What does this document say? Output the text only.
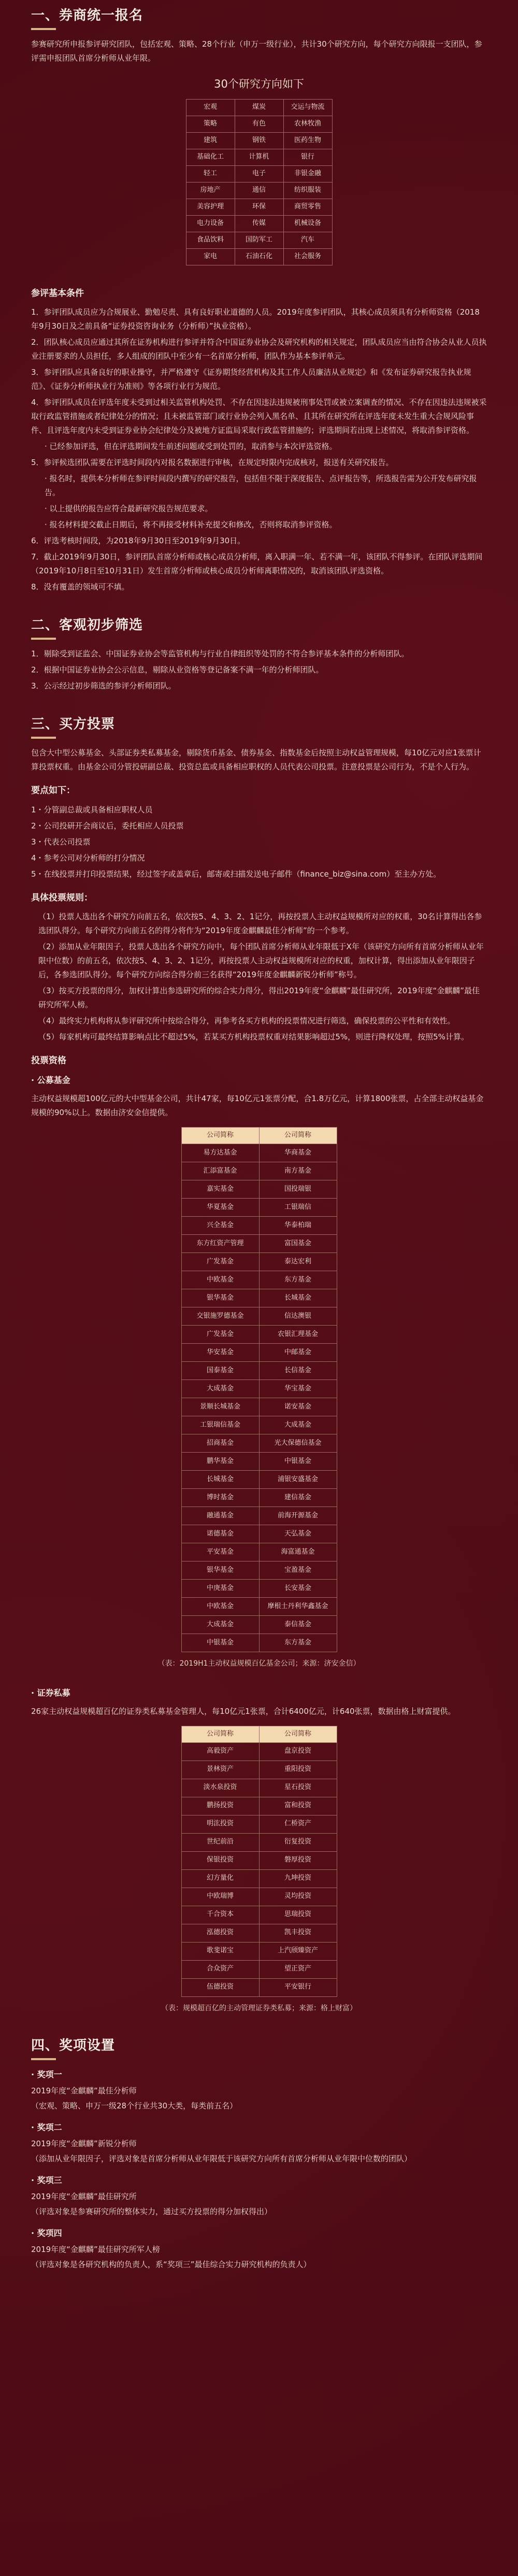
一、券商统一报名
参赛研究所申报参评研究团队，包括宏观、策略、28个行业（申万一级行业），共计30个研究方向，每个研究方向限报一支团队，参评需申报团队首席分析师从业年限。
30个研究方向如下
宏观	煤炭	交运与物流
策略	有色	农林牧渔
建筑	钢铁	医药生物
基础化工	计算机	银行
轻工	电子	非银金融
房地产	通信	纺织服装
美容护理	环保	商贸零售
电力设备	传媒	机械设备
食品饮料	国防军工	汽车
家电	石油石化	社会服务
参评基本条件
1．参评团队成员应为合规展业、勤勉尽责、具有良好职业道德的人员。2019年度参评团队，其核心成员须具有分析师资格（2018年9月30日及之前具备“证券投资咨询业务（分析师）”执业资格）。
2．团队核心成员应通过其所在证券机构进行参评并符合中国证券业协会及研究机构的相关规定，团队成员应当由符合协会从业人员执业注册要求的人员担任，多人组成的团队中至少有一名首席分析师，团队作为基本参评单元。
3．参评团队应具备良好的职业操守，并严格遵守《证券期货经营机构及其工作人员廉洁从业规定》和《发布证券研究报告执业规范》、《证券分析师执业行为准则》等各项行业行为规范。
4．参评团队成员在评选年度未受到过相关监管机构处罚、不存在因违法违规被刑事处罚或被立案调查的情况、不存在因违法违规被采取行政监管措施或者纪律处分的情况；且未被监管部门或行业协会列入黑名单、且其所在研究所在评选年度未发生重大合规风险事件、且评选年度内未受到证券业协会纪律处分及被地方证监局采取行政监管措施的；评选期间若出现上述情况，将取消参评资格。
· 已经参加评选，但在评选期间发生前述问题或受到处罚的，取消参与本次评选资格。
5．参评候选团队需要在评选时间段内对报名数据进行审核，在规定时限内完成核对，报送有关研究报告。
· 报名时，提供本分析师在参评时间段内撰写的研究报告，包括但不限于深度报告、点评报告等，所选报告需为公开发布研究报告。
· 以上提供的报告应符合最新研究报告规范要求。
· 报名材料提交截止日期后，将不再接受材料补充提交和修改，否则将取消参评资格。
6．评选考核时间段，为2018年9月30日至2019年9月30日。
7．截止2019年9月30日，参评团队首席分析师或核心成员分析师，离入职满一年、若不满一年，该团队不得参评。在团队评选期间（2019年10月8日至10月31日）发生首席分析师或核心成员分析师离职情况的，取消该团队评选资格。
8．没有覆盖的领域可不填。
二、客观初步筛选
1．剔除受到证监会、中国证券业协会等监管机构与行业自律组织等处罚的不符合参评基本条件的分析师团队。
2．根据中国证券业协会公示信息，剔除从业资格等登记备案不满一年的分析师团队。
3．公示经过初步筛选的参评分析师团队。
三、买方投票
包含大中型公募基金、头部证券类私募基金，剔除货币基金、债券基金、指数基金后按照主动权益管理规模，每10亿元对应1张票计算投票权重。由基金公司分管投研副总裁、投资总监或具备相应职权的人员代表公司投票。注意投票是公司行为，不是个人行为。
要点如下：
1・分管副总裁或具备相应职权人员
2・公司投研开会商议后，委托相应人员投票
3・代表公司投票
4・参考公司对分析师的打分情况
5・在线投票并打印投票结果，经过签字或盖章后，邮寄或扫描发送电子邮件（finance_biz@sina.com）至主办方处。
具体投票规则：
（1）投票人选出各个研究方向前五名，依次按5、4、3、2、1记分，再按投票人主动权益规模所对应的权重，30名计算得出各参选团队得分。每个研究方向前五名的得分将作为“2019年度金麒麟最佳分析师”的一个参考。
（2）添加从业年限因子，投票人选出各个研究方向中，每个团队首席分析师从业年限低于X年（该研究方向所有首席分析师从业年限中位数）的前五名，依次按5、4、3、2、1记分，再按投票人主动权益规模所对应的权重，加权计算，得出添加从业年限因子后，各参选团队得分。每个研究方向综合得分前三名获得“2019年度金麒麟新锐分析师”称号。
（3）按买方投票的得分，加权计算出参选研究所的综合实力得分，得出2019年度“金麒麟”最佳研究所，2019年度“金麒麟”最佳研究所军人榜。
（4）最终实力机构将从参评研究所中按综合得分，再参考各买方机构的投票情况进行筛选，确保投票的公平性和有效性。
（5）每家机构可最终结算影响点比不超过5%，若某买方机构投票权重对结果影响超过5%，则进行降权处理，按照5%计算。
投票资格
· 公募基金
主动权益规模超100亿元的大中型基金公司，共计47家，每10亿元1张票分配，合1.8万亿元，计算1800张票，占全部主动权益基金规模的90%以上。数据由济安金信提供。
公司简称	公司简称
易方达基金	华商基金
汇添富基金	南方基金
嘉实基金	国投瑞银
华夏基金	工银瑞信
兴全基金	华泰柏瑞
东方红资产管理	富国基金
广发基金	泰达宏利
中欧基金	东方基金
银华基金	长城基金
交银施罗德基金	信达澳银
广发基金	农银汇理基金
华安基金	中邮基金
国泰基金	长信基金
大成基金	华宝基金
景顺长城基金	诺安基金
工银瑞信基金	大成基金
招商基金	光大保德信基金
鹏华基金	中银基金
长城基金	浦银安盛基金
博时基金	建信基金
融通基金	前海开源基金
诺德基金	天弘基金
平安基金	海富通基金
银华基金	宝盈基金
中庚基金	长安基金
中欧基金	摩根士丹利华鑫基金
大成基金	泰信基金
中银基金	东方基金
（表：2019H1主动权益规模百亿基金公司；来源：济安金信）
· 证券私募
26家主动权益规模超百亿的证券类私募基金管理人，每10亿元1张票，合计6400亿元，计640张票，数据由格上财富提供。
公司简称	公司简称
高毅资产	盘京投资
景林资产	重阳投资
淡水泉投资	星石投资
鹏扬投资	富和投资
明汯投资	仁桥资产
世纪前沿	衍复投资
保银投资	磐厚投资
幻方量化	九坤投资
中欧瑞博	灵均投资
千合资本	思瑞投资
泓德投资	凯丰投资
歌斐诺宝	上汽颀臻资产
合众资产	望正资产
伍德投资	平安银行
（表：规模超百亿的主动管理证券类私募；来源：格上财富）
四、奖项设置
· 奖项一
2019年度“金麒麟”最佳分析师
（宏观、策略、申万一级28个行业共30大类，每类前五名）
· 奖项二
2019年度“金麒麟”新锐分析师
（添加从业年限因子，评选对象是首席分析师从业年限低于该研究方向所有首席分析师从业年限中位数的团队）
· 奖项三
2019年度“金麒麟”最佳研究所
（评选对象是参赛研究所的整体实力，通过买方投票的得分加权得出）
· 奖项四
2019年度“金麒麟”最佳研究所军人榜
（评选对象是各研究机构的负责人，系“奖项三”最佳综合实力研究机构的负责人）
